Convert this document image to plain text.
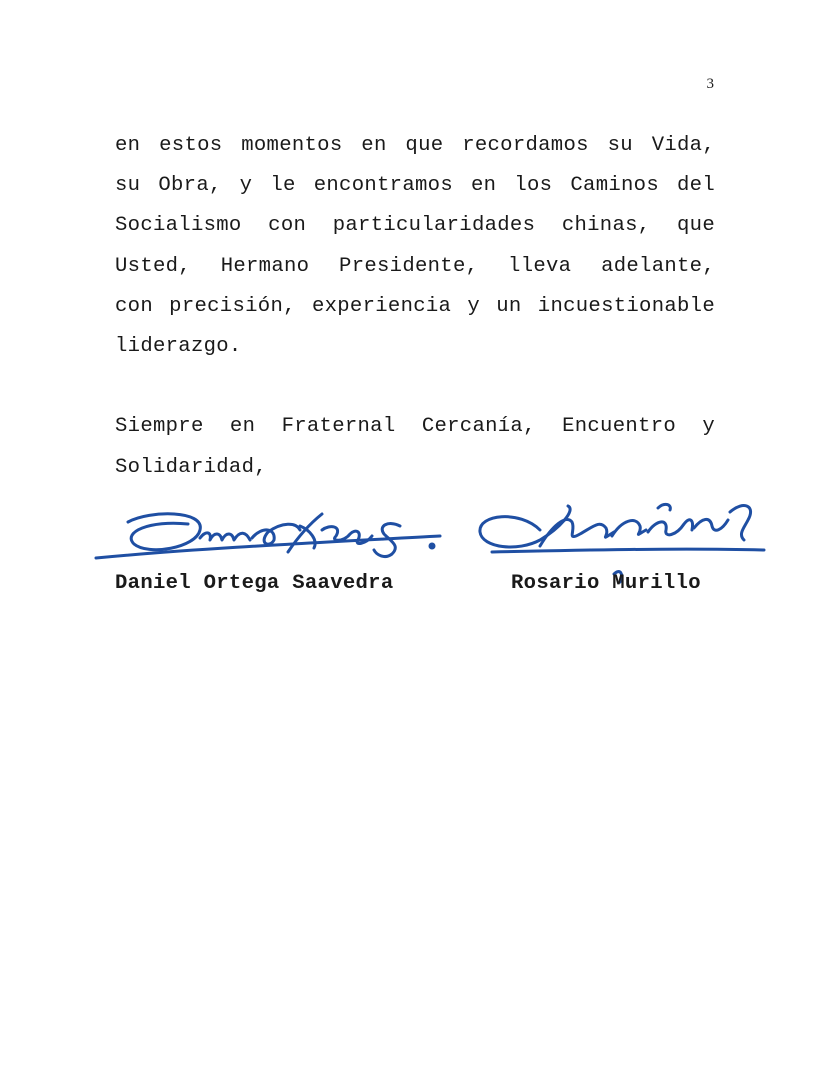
3
en estos momentos en que recordamos su Vida,
su Obra, y le encontramos en los Caminos del
Socialismo con particularidades chinas, que
Usted, Hermano Presidente, lleva adelante,
con precisión, experiencia y un incuestionable
liderazgo.
Siempre en Fraternal Cercanía, Encuentro y
Solidaridad,
Daniel Ortega Saavedra	Rosario Murillo
